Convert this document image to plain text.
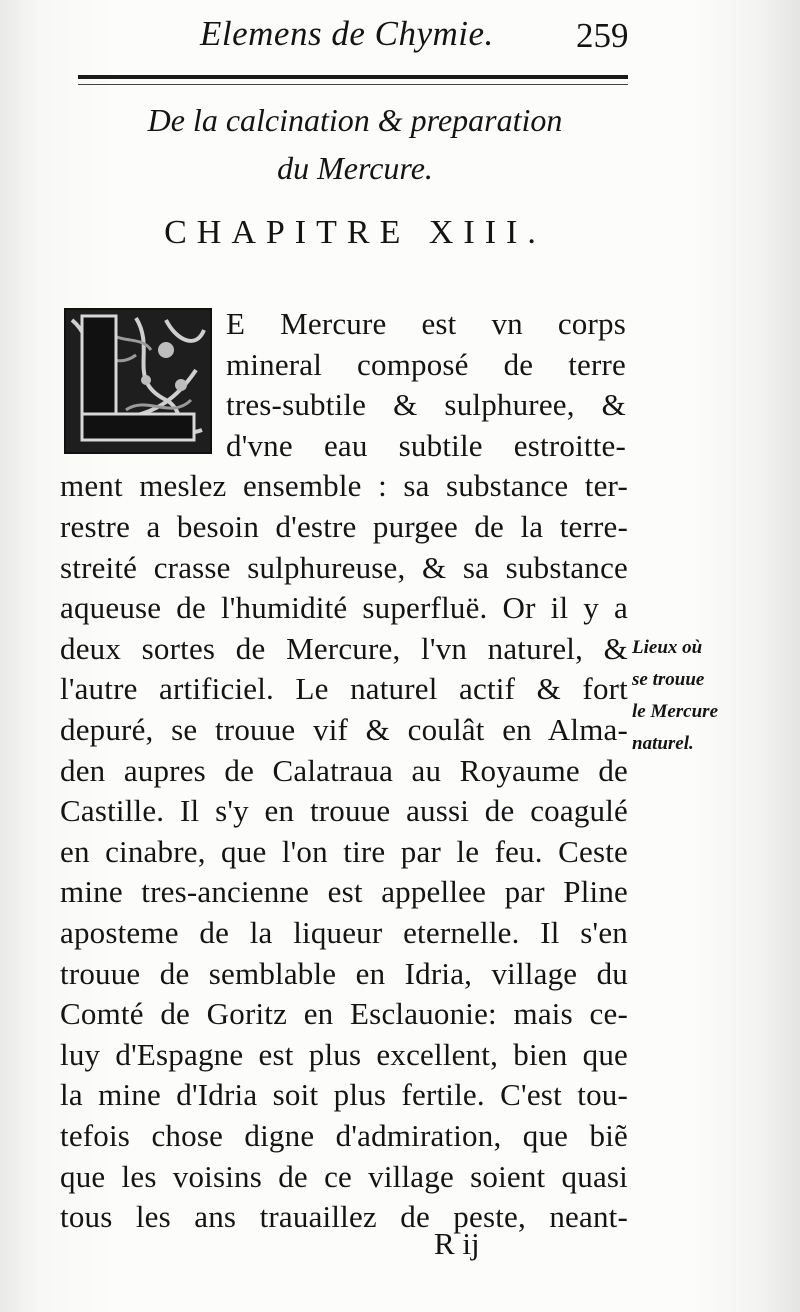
Elemens de Chymie. 259
De la calcination & preparation
du Mercure.
CHAPITRE XIII.
E Mercure est vn corps
mineral composé de terre
tres-subtile & sulphuree, &
d'vne eau subtile estroitte-
ment meslez ensemble : sa substance ter-
restre a besoin d'estre purgee de la terre-
streité crasse sulphureuse, & sa substance
aqueuse de l'humidité superfluë. Or il y a
deux sortes de Mercure, l'vn naturel, &
l'autre artificiel. Le naturel actif & fort
depuré, se trouue vif & coulât en Alma-
den aupres de Calatraua au Royaume de
Castille. Il s'y en trouue aussi de coagulé
en cinabre, que l'on tire par le feu. Ceste
mine tres-ancienne est appellee par Pline
aposteme de la liqueur eternelle. Il s'en
trouue de semblable en Idria, village du
Comté de Goritz en Esclauonie: mais ce-
luy d'Espagne est plus excellent, bien que
la mine d'Idria soit plus fertile. C'est tou-
tefois chose digne d'admiration, que biẽ
que les voisins de ce village soient quasi
tous les ans trauaillez de peste, neant-
Lieux où
se trouue
le Mercure
naturel.
R ij
